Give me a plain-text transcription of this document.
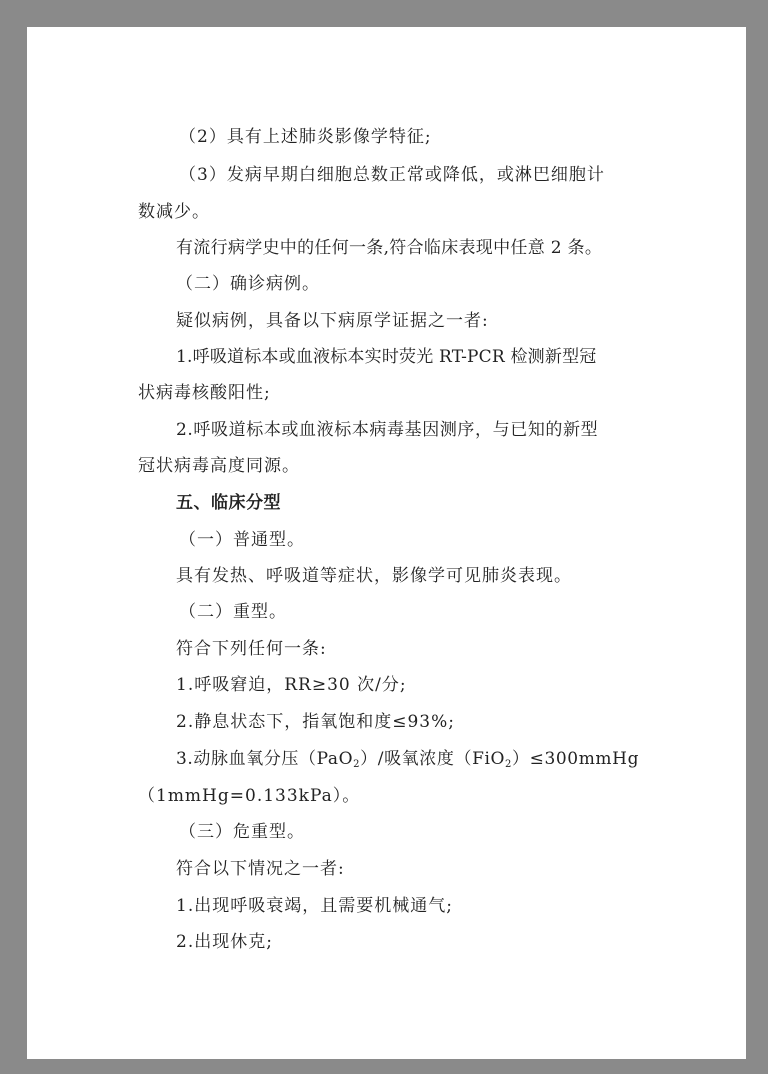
（2）具有上述肺炎影像学特征;
（3）发病早期白细胞总数正常或降低，或淋巴细胞计
数减少。
有流行病学史中的任何一条,符合临床表现中任意 2 条。
（二）确诊病例。
疑似病例，具备以下病原学证据之一者:
1.呼吸道标本或血液标本实时荧光 RT-PCR 检测新型冠
状病毒核酸阳性;
2.呼吸道标本或血液标本病毒基因测序，与已知的新型
冠状病毒高度同源。
五、临床分型
（一）普通型。
具有发热、呼吸道等症状，影像学可见肺炎表现。
（二）重型。
符合下列任何一条:
1.呼吸窘迫，RR≥30 次/分;
2.静息状态下，指氧饱和度≤93%;
3.动脉血氧分压（PaO$_2$）/吸氧浓度（FiO$_2$）≤300mmHg
（1mmHg=0.133kPa）。
（三）危重型。
符合以下情况之一者:
1.出现呼吸衰竭，且需要机械通气;
2.出现休克;
